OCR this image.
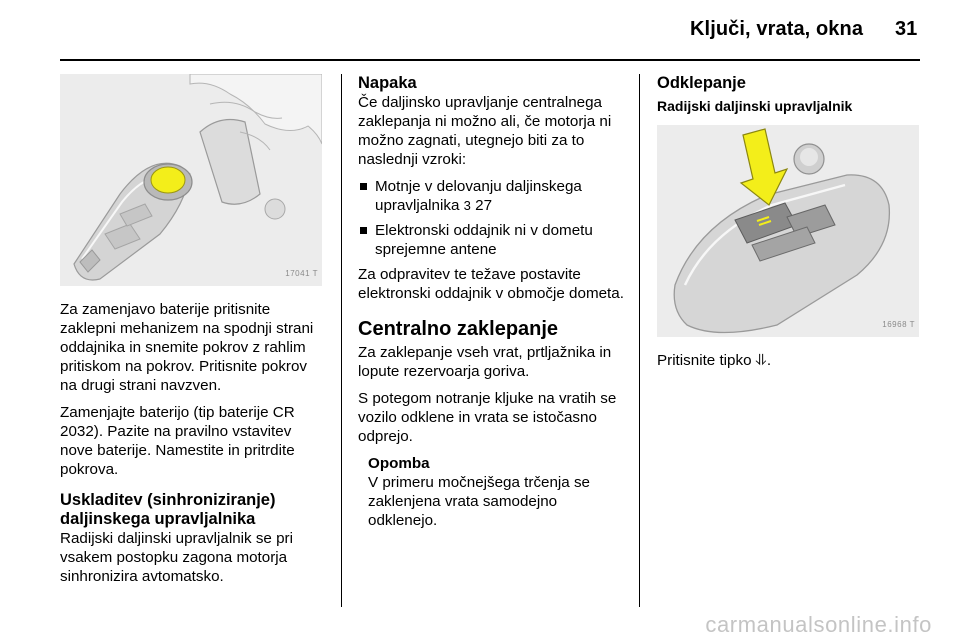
Ključi, vrata, okna 31
17041 T

Za zamenjavo baterije pritisnite zaklepni mehanizem na spodnji strani oddajnika in snemite pokrov z rahlim pritiskom na pokrov. Pritisnite pokrov na drugi strani navzven.

Zamenjajte baterijo (tip baterije CR 2032). Pazite na pravilno vstavitev nove baterije. Namestite in pritrdite pokrova.

Uskladitev (sinhroniziranje) daljinskega upravljalnika

Radijski daljinski upravljalnik se pri vsakem postopku zagona motorja sinhronizira avtomatsko.

Napaka

Če daljinsko upravljanje centralnega zaklepanja ni možno ali, če motorja ni možno zagnati, utegnejo biti za to naslednji vzroki:

Motnje v delovanju daljinskega upravljalnika 3 27
Elektronski oddajnik ni v dometu sprejemne antene

Za odpravitev te težave postavite elektronski oddajnik v območje dometa.

Centralno zaklepanje

Za zaklepanje vseh vrat, prtljažnika in lopute rezervoarja goriva.

S potegom notranje kljuke na vratih se vozilo odklene in vrata se istočasno odprejo.

Opomba
V primeru močnejšega trčenja se zaklenjena vrata samodejno odklenejo.
Odklepanje
Radijski daljinski upravljalnik
16968 T

Pritisnite tipko ⥥.

carmanualsonline.info
